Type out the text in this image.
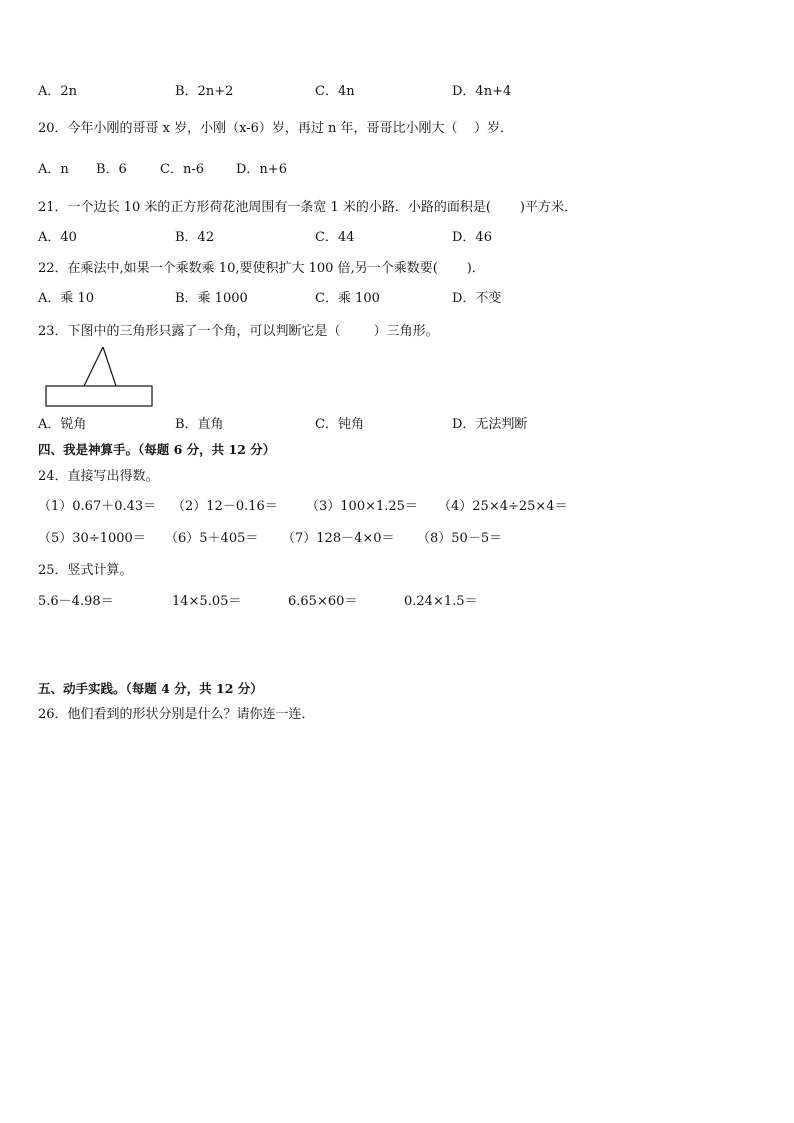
A．2n	B．2n+2	C．4n	D．4n+4
20．今年小刚的哥哥 x 岁，小刚（x-6）岁，再过 n 年，哥哥比小刚大（    ）岁．
A．n B．6	C．n-6 D．n+6
21．一个边长 10 米的正方形荷花池周围有一条宽 1 米的小路．小路的面积是(       )平方米．
A．40	B．42	C．44	D．46
22．在乘法中,如果一个乘数乘 10,要使积扩大 100 倍,另一个乘数要(       )．
A．乘 10	B．乘 1000	C．乘 100	D．不变
23．下图中的三角形只露了一个角，可以判断它是（        ）三角形。
A．锐角	B．直角	C．钝角	D．无法判断
四、我是神算手。（每题 6 分，共 12 分）
24．直接写出得数。
（1）0.67＋0.43＝ （2）12－0.16＝ （3）100×1.25＝ （4）25×4÷25×4＝
（5）30÷1000＝ （6）5＋405＝ （7）128－4×0＝ （8）50－5＝
25．竖式计算。
5.6－4.98＝	14×5.05＝	6.65×60＝	0.24×1.5＝
五、动手实践。（每题 4 分，共 12 分）
26．他们看到的形状分别是什么？请你连一连．
